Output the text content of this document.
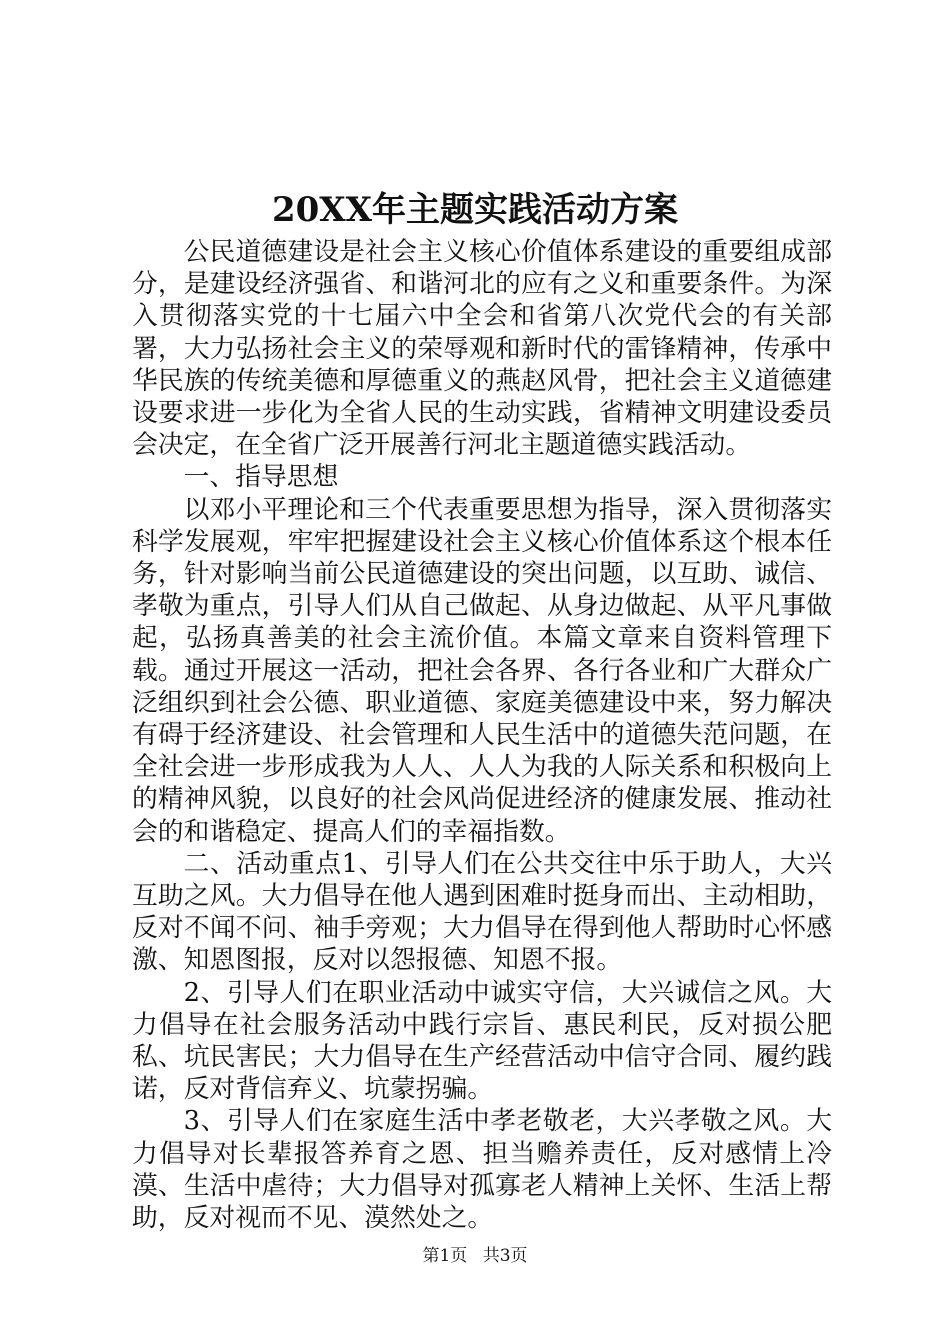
20XX年主题实践活动方案

公民道德建设是社会主义核心价值体系建设的重要组成部分，是建设经济强省、和谐河北的应有之义和重要条件。为深入贯彻落实党的十七届六中全会和省第八次党代会的有关部署，大力弘扬社会主义的荣辱观和新时代的雷锋精神，传承中华民族的传统美德和厚德重义的燕赵风骨，把社会主义道德建设要求进一步化为全省人民的生动实践，省精神文明建设委员会决定，在全省广泛开展善行河北主题道德实践活动。

一、指导思想

以邓小平理论和三个代表重要思想为指导，深入贯彻落实科学发展观，牢牢把握建设社会主义核心价值体系这个根本任务，针对影响当前公民道德建设的突出问题，以互助、诚信、孝敬为重点，引导人们从自己做起、从身边做起、从平凡事做起，弘扬真善美的社会主流价值。本篇文章来自资料管理下载。通过开展这一活动，把社会各界、各行各业和广大群众广泛组织到社会公德、职业道德、家庭美德建设中来，努力解决有碍于经济建设、社会管理和人民生活中的道德失范问题，在全社会进一步形成我为人人、人人为我的人际关系和积极向上的精神风貌，以良好的社会风尚促进经济的健康发展、推动社会的和谐稳定、提高人们的幸福指数。

二、活动重点1、引导人们在公共交往中乐于助人，大兴互助之风。大力倡导在他人遇到困难时挺身而出、主动相助，反对不闻不问、袖手旁观；大力倡导在得到他人帮助时心怀感激、知恩图报，反对以怨报德、知恩不报。

2、引导人们在职业活动中诚实守信，大兴诚信之风。大力倡导在社会服务活动中践行宗旨、惠民利民，反对损公肥私、坑民害民；大力倡导在生产经营活动中信守合同、履约践诺，反对背信弃义、坑蒙拐骗。

3、引导人们在家庭生活中孝老敬老，大兴孝敬之风。大力倡导对长辈报答养育之恩、担当赡养责任，反对感情上冷漠、生活中虐待；大力倡导对孤寡老人精神上关怀、生活上帮助，反对视而不见、漠然处之。

第1页 共3页
